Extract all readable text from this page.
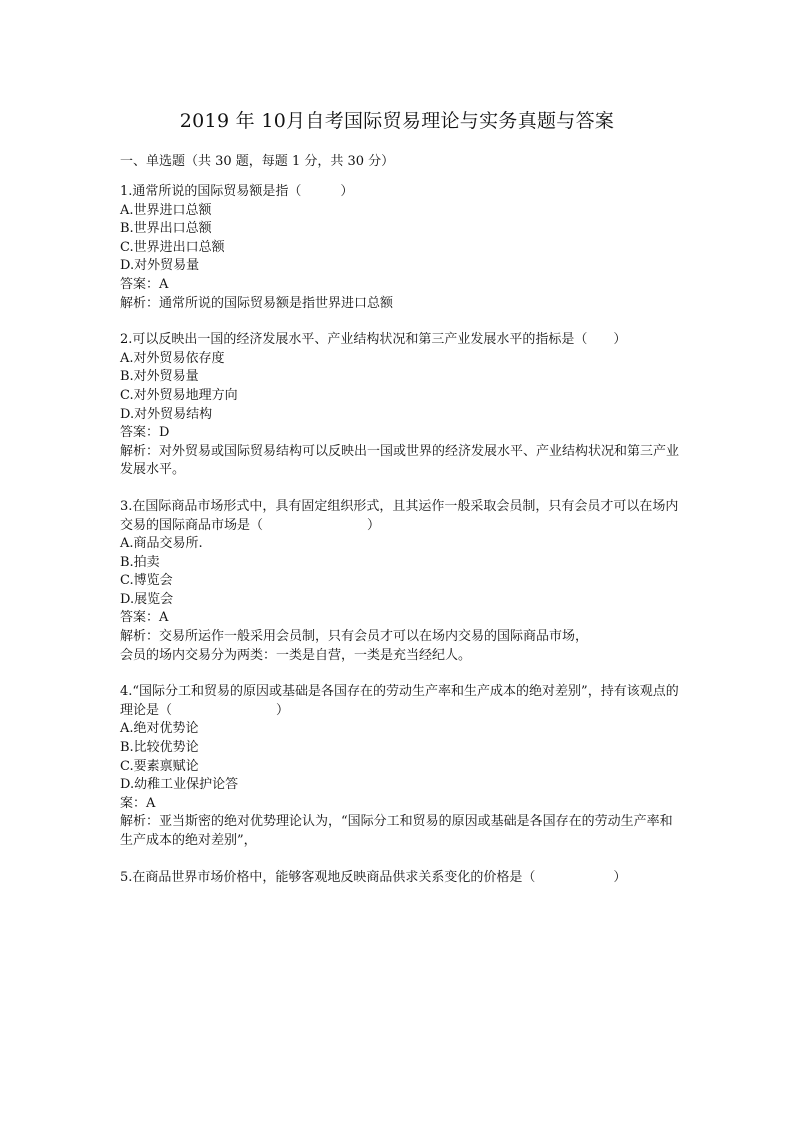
2019 年 10月自考国际贸易理论与实务真题与答案
一、单选题（共 30 题，每题 1 分，共 30 分）

1.通常所说的国际贸易额是指（　　　）

A.世界进口总额

B.世界出口总额

C.世界进出口总额

D.对外贸易量

答案：A

解析：通常所说的国际贸易额是指世界进口总额

2.可以反映出一国的经济发展水平、产业结构状况和第三产业发展水平的指标是（　　）

A.对外贸易依存度

B.对外贸易量

C.对外贸易地理方向

D.对外贸易结构

答案：D

解析：对外贸易或国际贸易结构可以反映出一国或世界的经济发展水平、产业结构状况和第三产业发展水平。

3.在国际商品市场形式中，具有固定组织形式，且其运作一般采取会员制，只有会员才可以在场内交易的国际商品市场是（　　　　　　　　）

A.商品交易所.

B.拍卖

C.博览会

D.展览会

答案：A

解析：交易所运作一般采用会员制，只有会员才可以在场内交易的国际商品市场，
会员的场内交易分为两类：一类是自营，一类是充当经纪人。

4.“国际分工和贸易的原因或基础是各国存在的劳动生产率和生产成本的绝对差别”，持有该观点的理论是（　　　　　　　　）

A.绝对优势论

B.比较优势论

C.要素禀赋论

D.幼稚工业保护论答

案：A

解析：亚当斯密的绝对优势理论认为，“国际分工和贸易的原因或基础是各国存在的劳动生产率和生产成本的绝对差别”，

5.在商品世界市场价格中，能够客观地反映商品供求关系变化的价格是（　　　　　　）
